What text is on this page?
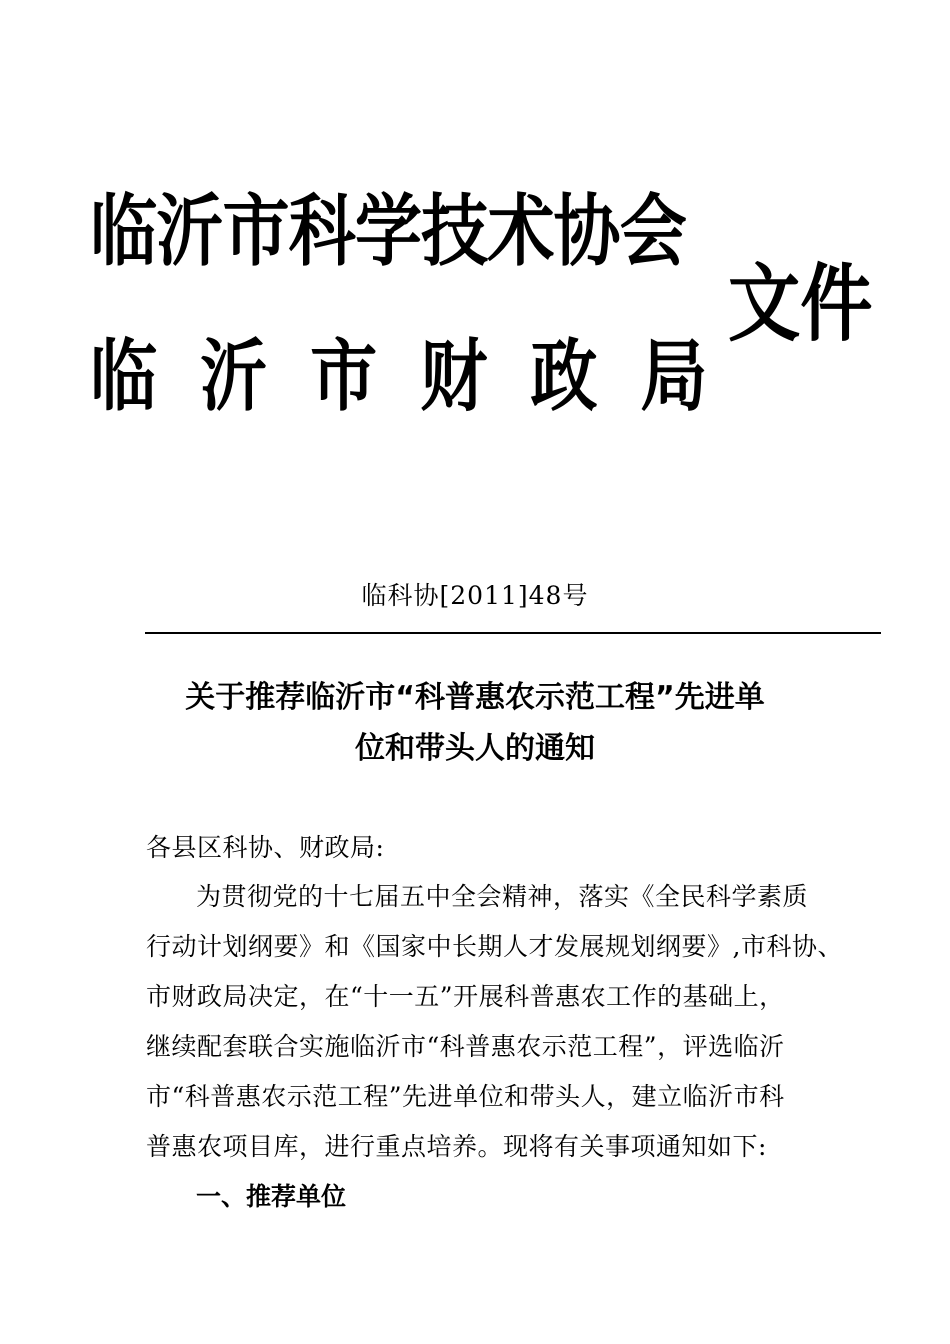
临沂市科学技术协会
临 沂 市 财 政 局
文件
临科协[2011]48号
关于推荐临沂市“科普惠农示范工程”先进单
位和带头人的通知
各县区科协、财政局:
为贯彻党的十七届五中全会精神，落实《全民科学素质
行动计划纲要》和《国家中长期人才发展规划纲要》,市科协、
市财政局决定，在“十一五”开展科普惠农工作的基础上，
继续配套联合实施临沂市“科普惠农示范工程”，评选临沂
市“科普惠农示范工程”先进单位和带头人，建立临沂市科
普惠农项目库，进行重点培养。现将有关事项通知如下:
一、推荐单位
